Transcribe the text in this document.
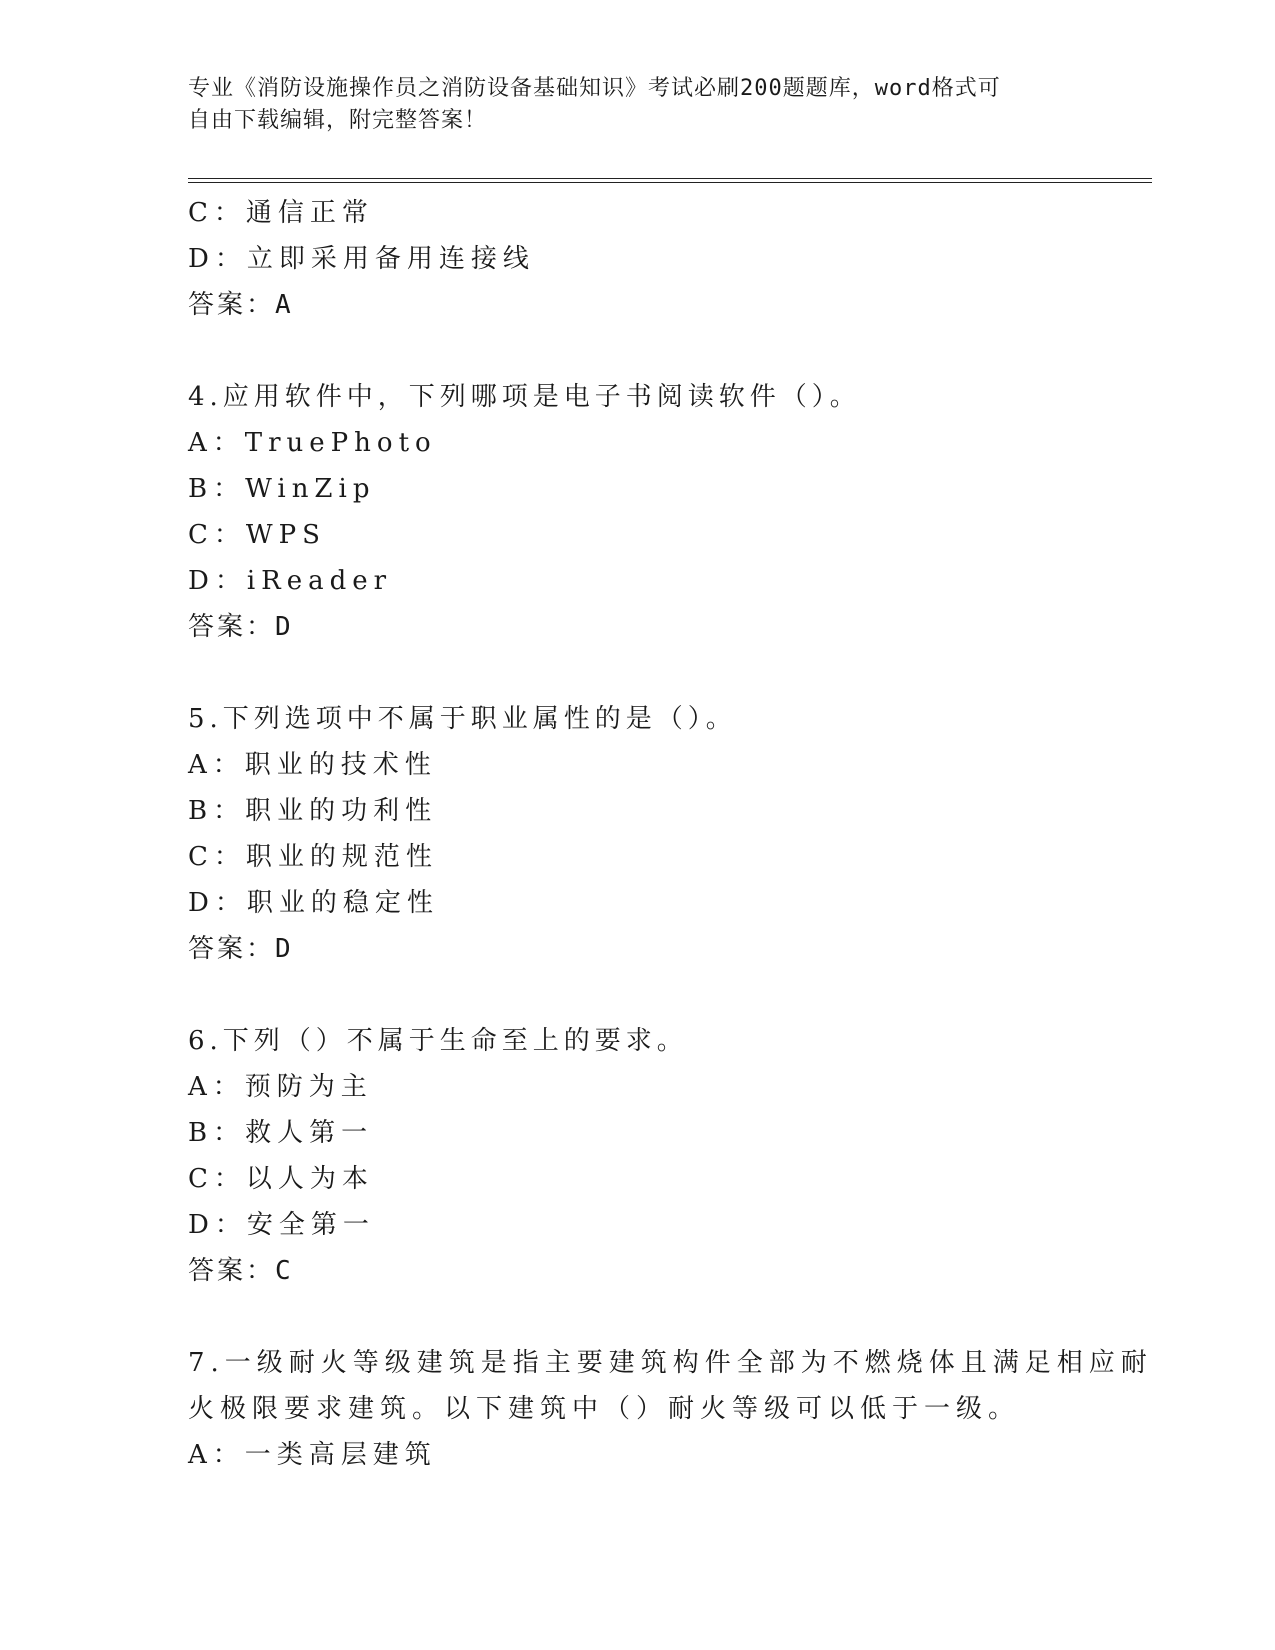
专业《消防设施操作员之消防设备基础知识》考试必刷200题题库，word格式可
自由下载编辑，附完整答案！
C：通信正常
D：立即采用备用连接线
答案：A
4.应用软件中，下列哪项是电子书阅读软件（）。
A：TruePhoto
B：WinZip
C：WPS
D：iReader
答案：D
5.下列选项中不属于职业属性的是（）。
A：职业的技术性
B：职业的功利性
C：职业的规范性
D：职业的稳定性
答案：D
6.下列（）不属于生命至上的要求。
A：预防为主
B：救人第一
C：以人为本
D：安全第一
答案：C
7.一级耐火等级建筑是指主要建筑构件全部为不燃烧体且满足相应耐
火极限要求建筑。以下建筑中（）耐火等级可以低于一级。
A：一类高层建筑
